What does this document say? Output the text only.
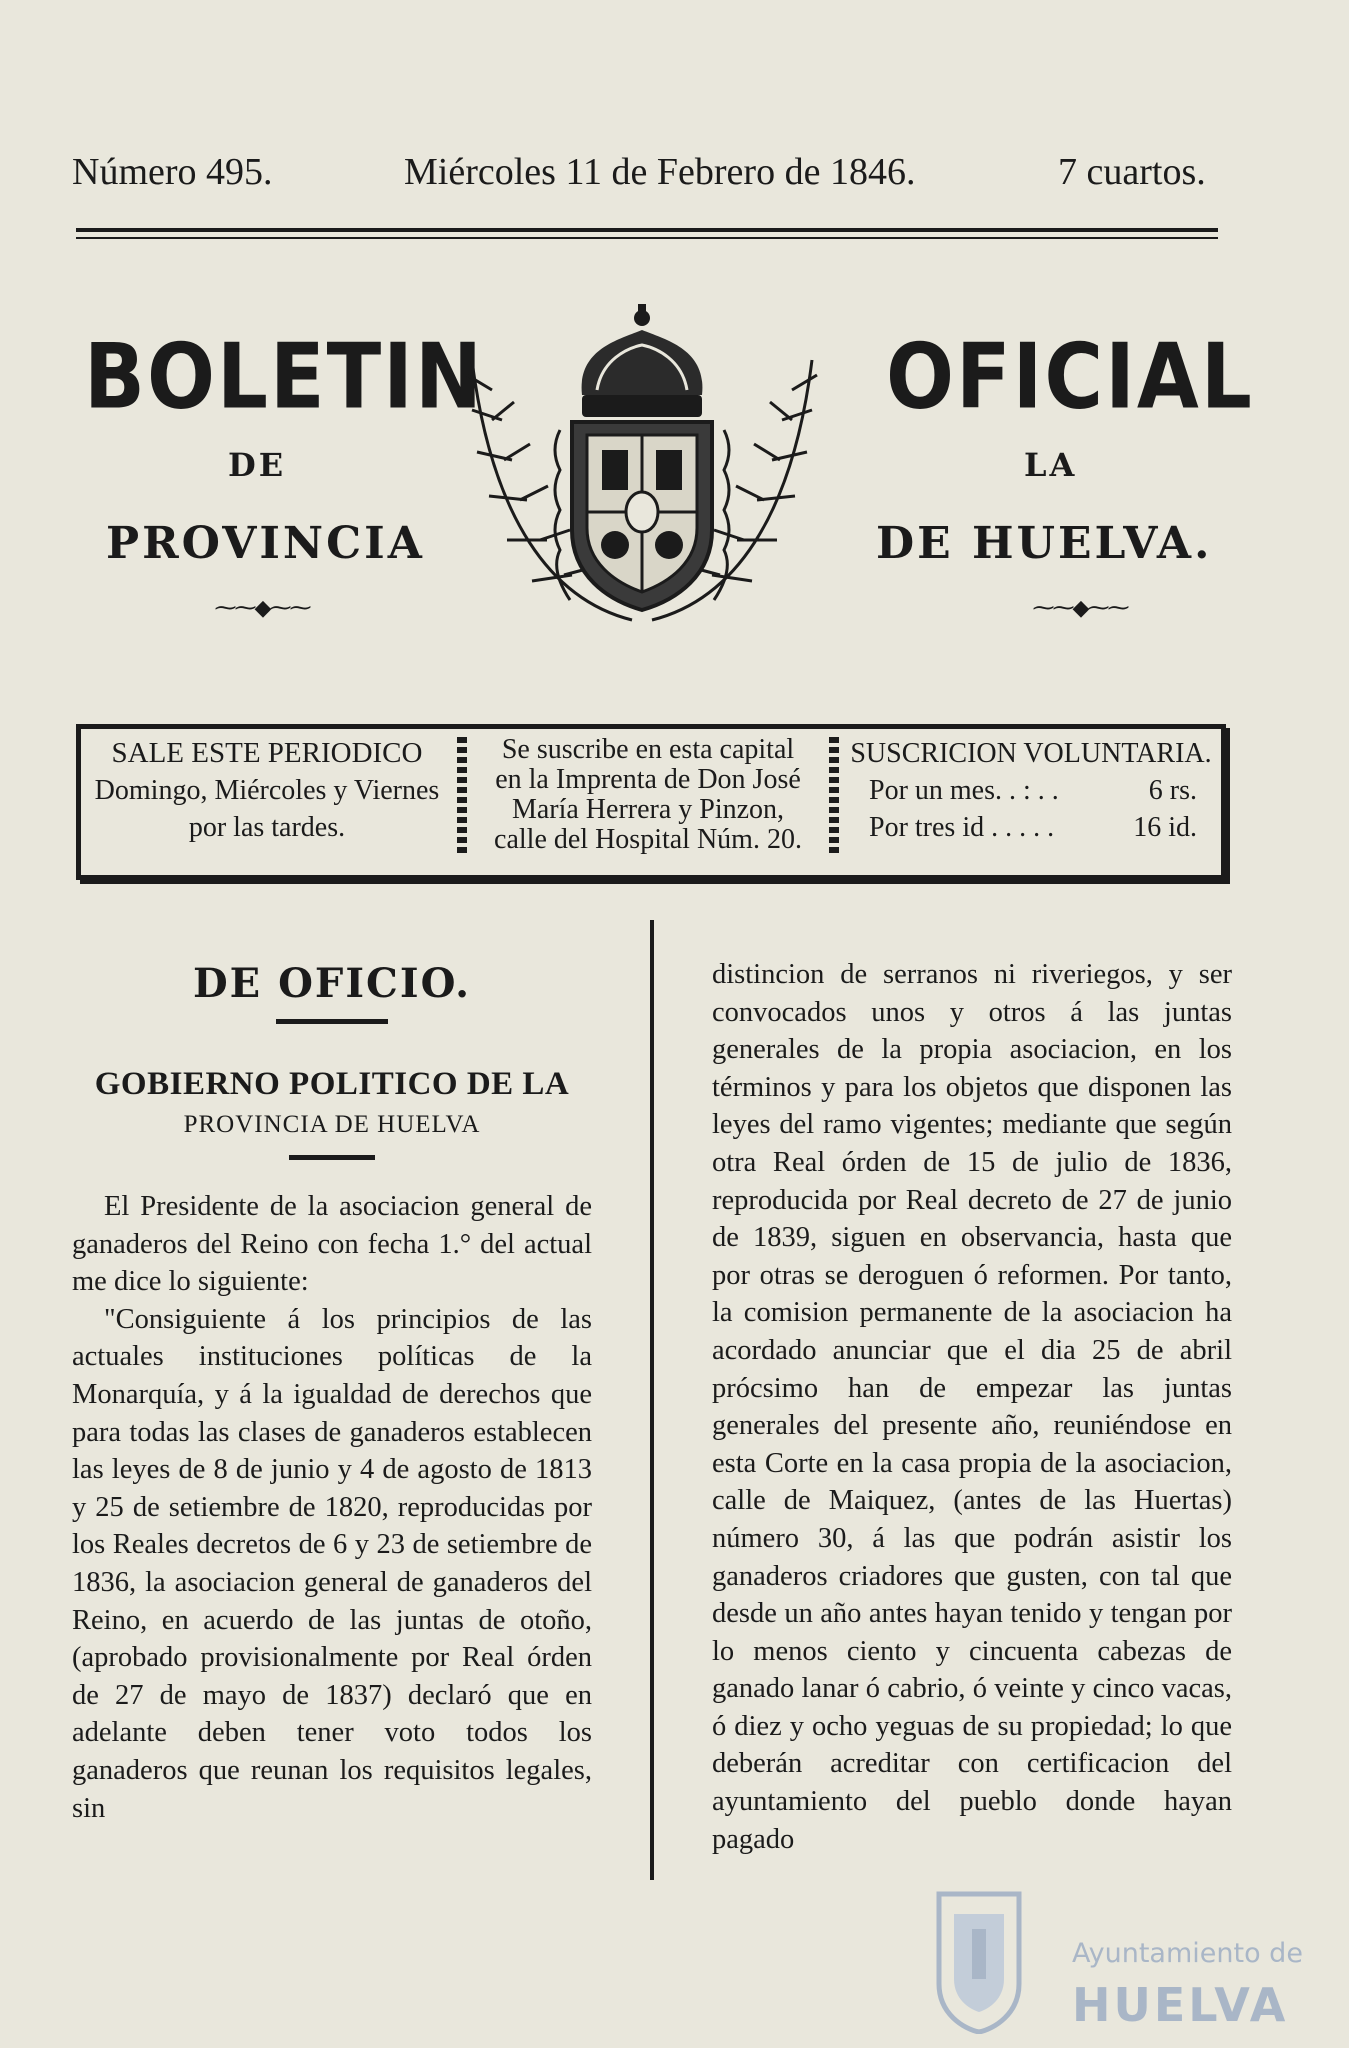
Número 495.	Miércoles 11 de Febrero de 1846.	7 cuartos.
BOLETIN
DE
PROVINCIA
⁓⁓◆⁓⁓
OFICIAL
LA
DE HUELVA.
⁓⁓◆⁓⁓
SALE ESTE PERIODICO
Domingo, Miércoles y Viernes
por las tardes.
Se suscribe en esta capital
en la Imprenta de Don José
María Herrera y Pinzon,
calle del Hospital Núm. 20.
SUSCRICION VOLUNTARIA.
Por un mes. . : . .	6 rs.
Por tres id . . . . .	16 id.
DE OFICIO.
GOBIERNO POLITICO DE LA
PROVINCIA DE HUELVA

El Presidente de la asociacion general de ganaderos del Reino con fecha 1.° del actual me dice lo siguiente:

"Consiguiente á los principios de las actuales instituciones políticas de la Monarquía, y á la igualdad de derechos que para todas las clases de ganaderos establecen las leyes de 8 de junio y 4 de agosto de 1813 y 25 de setiembre de 1820, reproducidas por los Reales decretos de 6 y 23 de setiembre de 1836, la asociacion general de ganaderos del Reino, en acuerdo de las juntas de otoño, (aprobado provisionalmente por Real órden de 27 de mayo de 1837) declaró que en adelante deben tener voto todos los ganaderos que reunan los requisitos legales, sin

distincion de serranos ni riveriegos, y ser convocados unos y otros á las juntas generales de la propia asociacion, en los términos y para los objetos que disponen las leyes del ramo vigentes; mediante que según otra Real órden de 15 de julio de 1836, reproducida por Real decreto de 27 de junio de 1839, siguen en observancia, hasta que por otras se deroguen ó reformen. Por tanto, la comision permanente de la asociacion ha acordado anunciar que el dia 25 de abril prócsimo han de empezar las juntas generales del presente año, reuniéndose en esta Corte en la casa propia de la asociacion, calle de Maiquez, (antes de las Huertas) número 30, á las que podrán asistir los ganaderos criadores que gusten, con tal que desde un año antes hayan tenido y tengan por lo menos ciento y cincuenta cabezas de ganado lanar ó cabrio, ó veinte y cinco vacas, ó diez y ocho yeguas de su propiedad; lo que deberán acreditar con certificacion del ayuntamiento del pueblo donde hayan pagado

Ayuntamiento de
HUELVA
